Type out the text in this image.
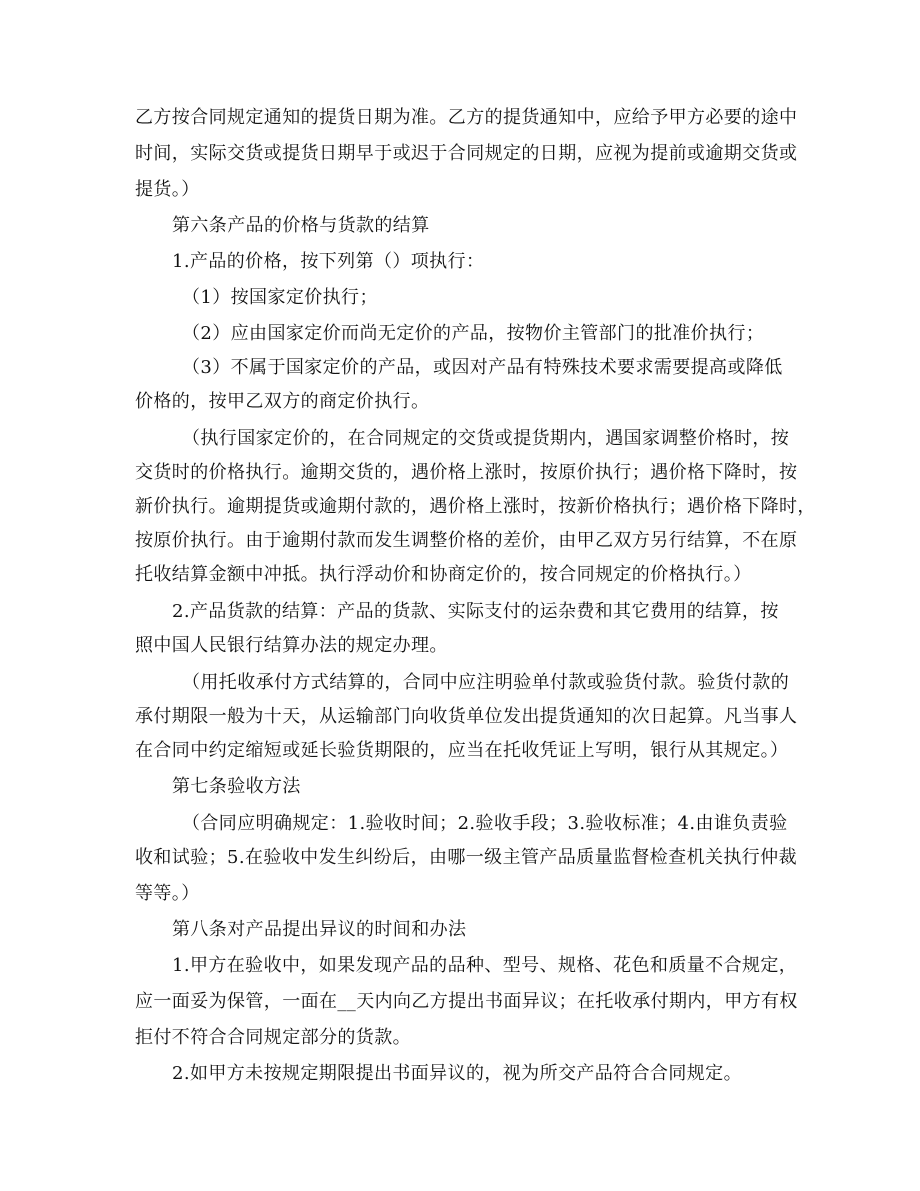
乙方按合同规定通知的提货日期为准。乙方的提货通知中，应给予甲方必要的途中
时间，实际交货或提货日期早于或迟于合同规定的日期，应视为提前或逾期交货或
提货。）
第六条产品的价格与货款的结算
1.产品的价格，按下列第（）项执行：
（1）按国家定价执行；
（2）应由国家定价而尚无定价的产品，按物价主管部门的批准价执行；
（3）不属于国家定价的产品，或因对产品有特殊技术要求需要提高或降低
价格的，按甲乙双方的商定价执行。
（执行国家定价的，在合同规定的交货或提货期内，遇国家调整价格时，按
交货时的价格执行。逾期交货的，遇价格上涨时，按原价执行；遇价格下降时，按
新价执行。逾期提货或逾期付款的，遇价格上涨时，按新价格执行；遇价格下降时，
按原价执行。由于逾期付款而发生调整价格的差价，由甲乙双方另行结算，不在原
托收结算金额中冲抵。执行浮动价和协商定价的，按合同规定的价格执行。）
2.产品货款的结算：产品的货款、实际支付的运杂费和其它费用的结算，按
照中国人民银行结算办法的规定办理。
（用托收承付方式结算的，合同中应注明验单付款或验货付款。验货付款的
承付期限一般为十天，从运输部门向收货单位发出提货通知的次日起算。凡当事人
在合同中约定缩短或延长验货期限的，应当在托收凭证上写明，银行从其规定。）
第七条验收方法
（合同应明确规定：1.验收时间；2.验收手段；3.验收标准；4.由谁负责验
收和试验；5.在验收中发生纠纷后，由哪一级主管产品质量监督检查机关执行仲裁
等等。）
第八条对产品提出异议的时间和办法
1.甲方在验收中，如果发现产品的品种、型号、规格、花色和质量不合规定，
应一面妥为保管，一面在__天内向乙方提出书面异议；在托收承付期内，甲方有权
拒付不符合合同规定部分的货款。
2.如甲方未按规定期限提出书面异议的，视为所交产品符合合同规定。
